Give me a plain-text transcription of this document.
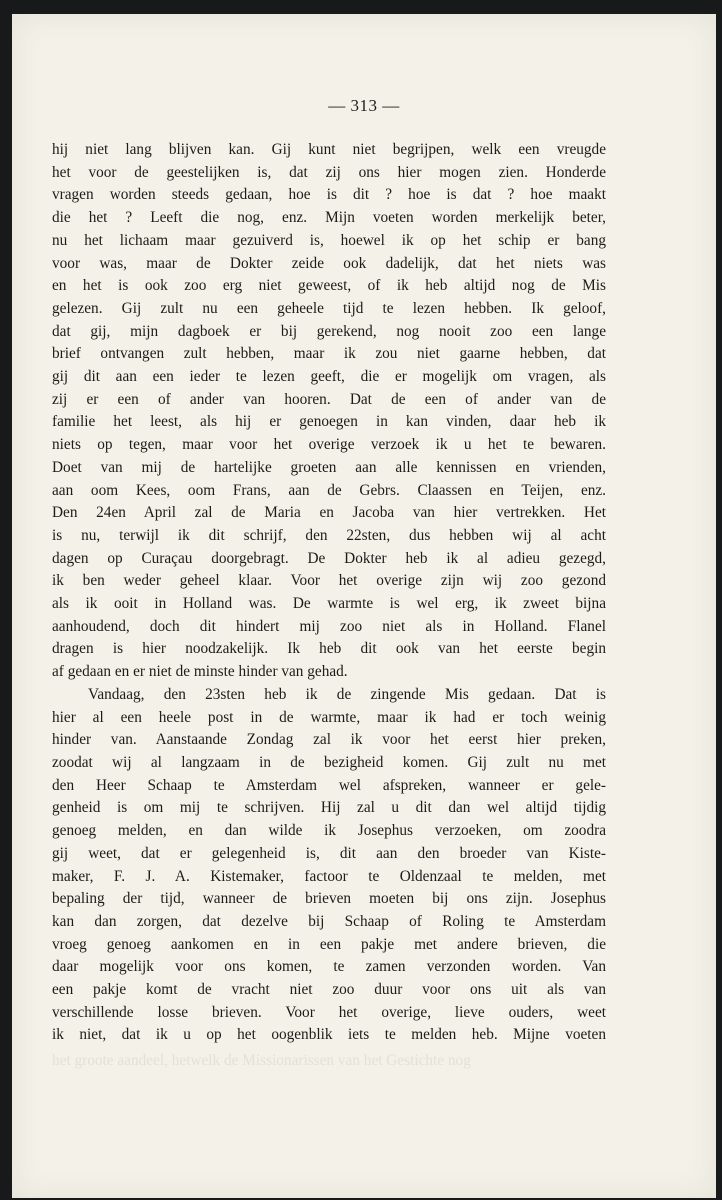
— 313 —
hij niet lang blijven kan. Gij kunt niet begrijpen, welk een vreugde
het voor de geestelijken is, dat zij ons hier mogen zien. Honderde
vragen worden steeds gedaan, hoe is dit ? hoe is dat ? hoe maakt
die het ? Leeft die nog, enz. Mijn voeten worden merkelijk beter,
nu het lichaam maar gezuiverd is, hoewel ik op het schip er bang
voor was, maar de Dokter zeide ook dadelijk, dat het niets was
en het is ook zoo erg niet geweest, of ik heb altijd nog de Mis
gelezen. Gij zult nu een geheele tijd te lezen hebben. Ik geloof,
dat gij, mijn dagboek er bij gerekend, nog nooit zoo een lange
brief ontvangen zult hebben, maar ik zou niet gaarne hebben, dat
gij dit aan een ieder te lezen geeft, die er mogelijk om vragen, als
zij er een of ander van hooren. Dat de een of ander van de
familie het leest, als hij er genoegen in kan vinden, daar heb ik
niets op tegen, maar voor het overige verzoek ik u het te bewaren.
Doet van mij de hartelijke groeten aan alle kennissen en vrienden,
aan oom Kees, oom Frans, aan de Gebrs. Claassen en Teijen, enz.
Den 24en April zal de Maria en Jacoba van hier vertrekken. Het
is nu, terwijl ik dit schrijf, den 22sten, dus hebben wij al acht
dagen op Curaçau doorgebragt. De Dokter heb ik al adieu gezegd,
ik ben weder geheel klaar. Voor het overige zijn wij zoo gezond
als ik ooit in Holland was. De warmte is wel erg, ik zweet bijna
aanhoudend, doch dit hindert mij zoo niet als in Holland. Flanel
dragen is hier noodzakelijk. Ik heb dit ook van het eerste begin
af gedaan en er niet de minste hinder van gehad.
Vandaag, den 23sten heb ik de zingende Mis gedaan. Dat is
hier al een heele post in de warmte, maar ik had er toch weinig
hinder van. Aanstaande Zondag zal ik voor het eerst hier preken,
zoodat wij al langzaam in de bezigheid komen. Gij zult nu met
den Heer Schaap te Amsterdam wel afspreken, wanneer er gele-
genheid is om mij te schrijven. Hij zal u dit dan wel altijd tijdig
genoeg melden, en dan wilde ik Josephus verzoeken, om zoodra
gij weet, dat er gelegenheid is, dit aan den broeder van Kiste-
maker, F. J. A. Kistemaker, factoor te Oldenzaal te melden, met
bepaling der tijd, wanneer de brieven moeten bij ons zijn. Josephus
kan dan zorgen, dat dezelve bij Schaap of Roling te Amsterdam
vroeg genoeg aankomen en in een pakje met andere brieven, die
daar mogelijk voor ons komen, te zamen verzonden worden. Van
een pakje komt de vracht niet zoo duur voor ons uit als van
verschillende losse brieven. Voor het overige, lieve ouders, weet
ik niet, dat ik u op het oogenblik iets te melden heb. Mijne voeten
het groote aandeel, hetwelk de Missionarissen van het Gestichte nog
